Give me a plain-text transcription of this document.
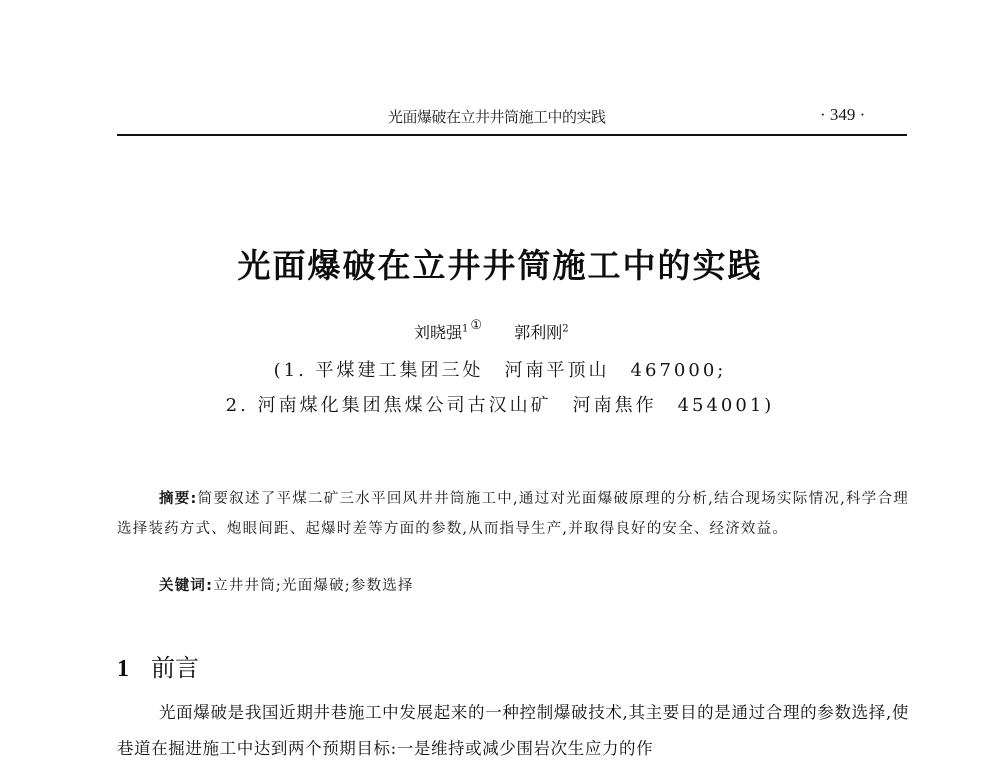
光面爆破在立井井筒施工中的实践	· 349 ·
光面爆破在立井井筒施工中的实践
刘晓强$^1$ ① 郭利刚$^2$
(1. 平煤建工集团三处　河南平顶山　467000;
2. 河南煤化集团焦煤公司古汉山矿　河南焦作　454001)

摘要:简要叙述了平煤二矿三水平回风井井筒施工中,通过对光面爆破原理的分析,结合现场实际情况,科学合理选择装药方式、炮眼间距、起爆时差等方面的参数,从而指导生产,并取得良好的安全、经济效益。

关键词:立井井筒;光面爆破;参数选择
1 前言

光面爆破是我国近期井巷施工中发展起来的一种控制爆破技术,其主要目的是通过合理的参数选择,使巷道在掘进施工中达到两个预期目标:一是维持或减少围岩次生应力的作
